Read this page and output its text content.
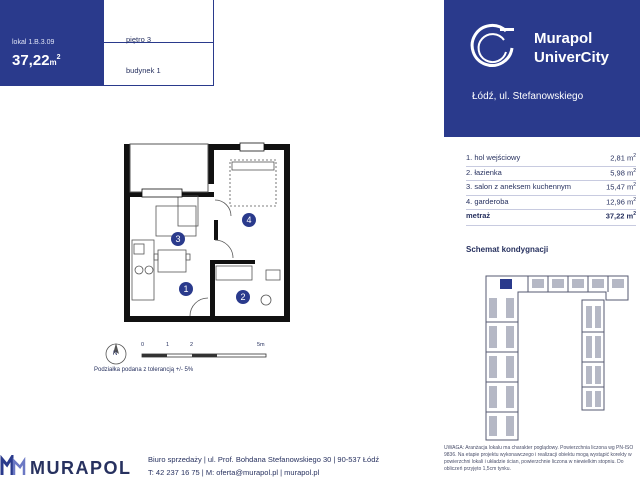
lokal 1.B.3.09
$37,22m^2$
piętro 3
budynek 1
Murapol
UniverCity
Łódź, ul. Stefanowskiego
1. hol wejściowy	2,81 $m^2$
2. łazienka	5,98 $m^2$
3. salon z aneksem kuchennym	15,47 $m^2$
4. garderoba	12,96 $m^2$
metraż	37,22 $m^2$
Schemat kondygnacji
1
2
3
4
N
0	1	2	5m
Podziałka podana z tolerancją +/- 5%
MURAPOL Biuro sprzedaży | ul. Prof. Bohdana Stefanowskiego 30 | 90-537 Łódź
T: 42 237 16 75 | M: oferta@murapol.pl | murapol.pl
UWAGA: Aranżacja lokalu ma charakter poglądowy. Powierzchnia liczona wg PN-ISO 9836. Na etapie projektu wykonawczego i realizacji obiektu mogą wystąpić korekty w powierzchni lokali i układzie ścian, powierzchnie liczona w niewielkim stopniu. Do obliczeń przyjęto 1,5cm tynku.
